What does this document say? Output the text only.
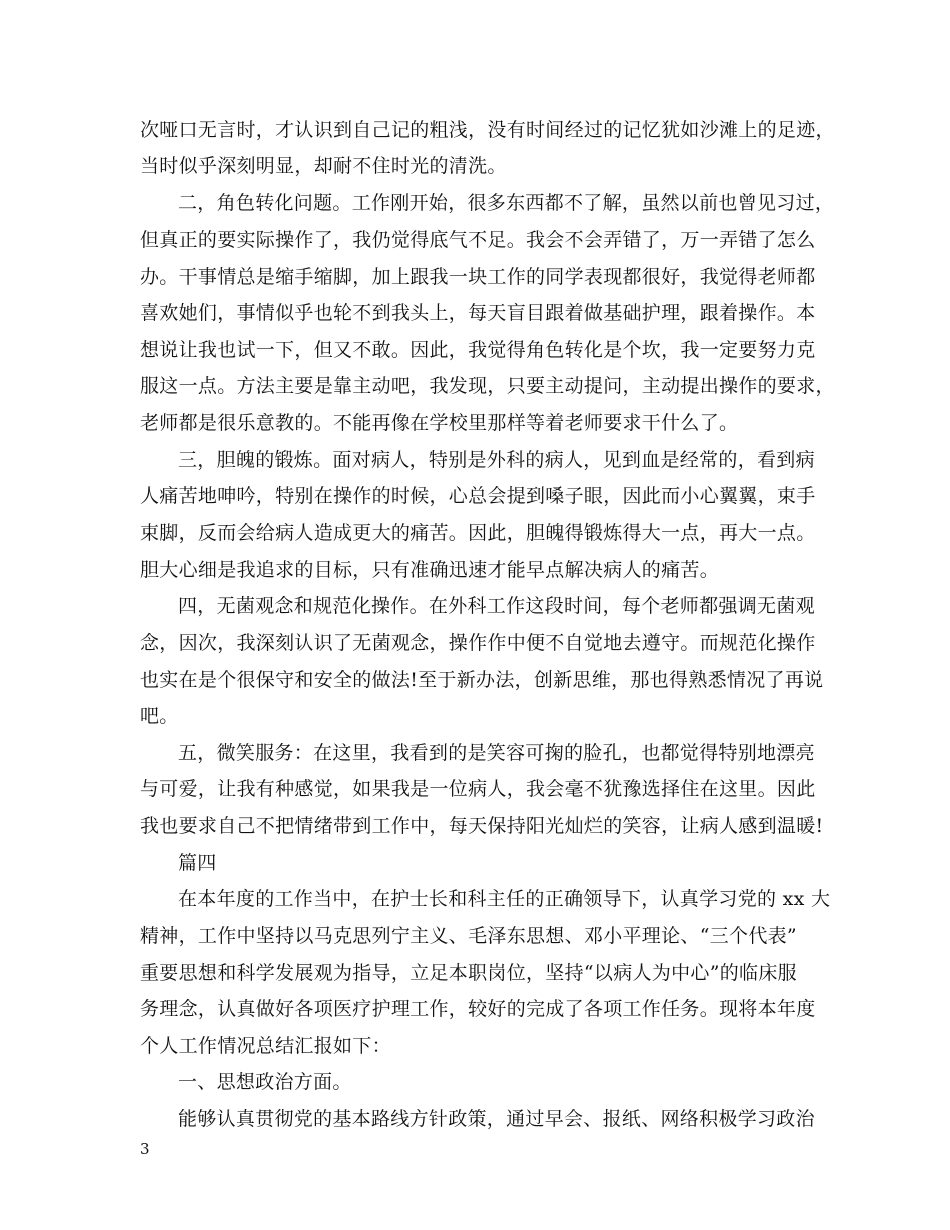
次哑口无言时，才认识到自己记的粗浅，没有时间经过的记忆犹如沙滩上的足迹，
当时似乎深刻明显，却耐不住时光的清洗。
二，角色转化问题。工作刚开始，很多东西都不了解，虽然以前也曾见习过，
但真正的要实际操作了，我仍觉得底气不足。我会不会弄错了，万一弄错了怎么
办。干事情总是缩手缩脚，加上跟我一块工作的同学表现都很好，我觉得老师都
喜欢她们，事情似乎也轮不到我头上，每天盲目跟着做基础护理，跟着操作。本
想说让我也试一下，但又不敢。因此，我觉得角色转化是个坎，我一定要努力克
服这一点。方法主要是靠主动吧，我发现，只要主动提问，主动提出操作的要求，
老师都是很乐意教的。不能再像在学校里那样等着老师要求干什么了。
三，胆魄的锻炼。面对病人，特别是外科的病人，见到血是经常的，看到病
人痛苦地呻吟，特别在操作的时候，心总会提到嗓子眼，因此而小心翼翼，束手
束脚，反而会给病人造成更大的痛苦。因此，胆魄得锻炼得大一点，再大一点。
胆大心细是我追求的目标，只有准确迅速才能早点解决病人的痛苦。
四，无菌观念和规范化操作。在外科工作这段时间，每个老师都强调无菌观
念，因次，我深刻认识了无菌观念，操作作中便不自觉地去遵守。而规范化操作
也实在是个很保守和安全的做法!至于新办法，创新思维，那也得熟悉情况了再说
吧。
五，微笑服务：在这里，我看到的是笑容可掬的脸孔，也都觉得特别地漂亮
与可爱，让我有种感觉，如果我是一位病人，我会毫不犹豫选择住在这里。因此
我也要求自己不把情绪带到工作中，每天保持阳光灿烂的笑容，让病人感到温暖!
篇四
在本年度的工作当中，在护士长和科主任的正确领导下，认真学习党的 xx 大
精神，工作中坚持以马克思列宁主义、毛泽东思想、邓小平理论、“三个代表”
重要思想和科学发展观为指导，立足本职岗位，坚持“以病人为中心”的临床服
务理念，认真做好各项医疗护理工作，较好的完成了各项工作任务。现将本年度
个人工作情况总结汇报如下：
一、思想政治方面。
能够认真贯彻党的基本路线方针政策，通过早会、报纸、网络积极学习政治
3
